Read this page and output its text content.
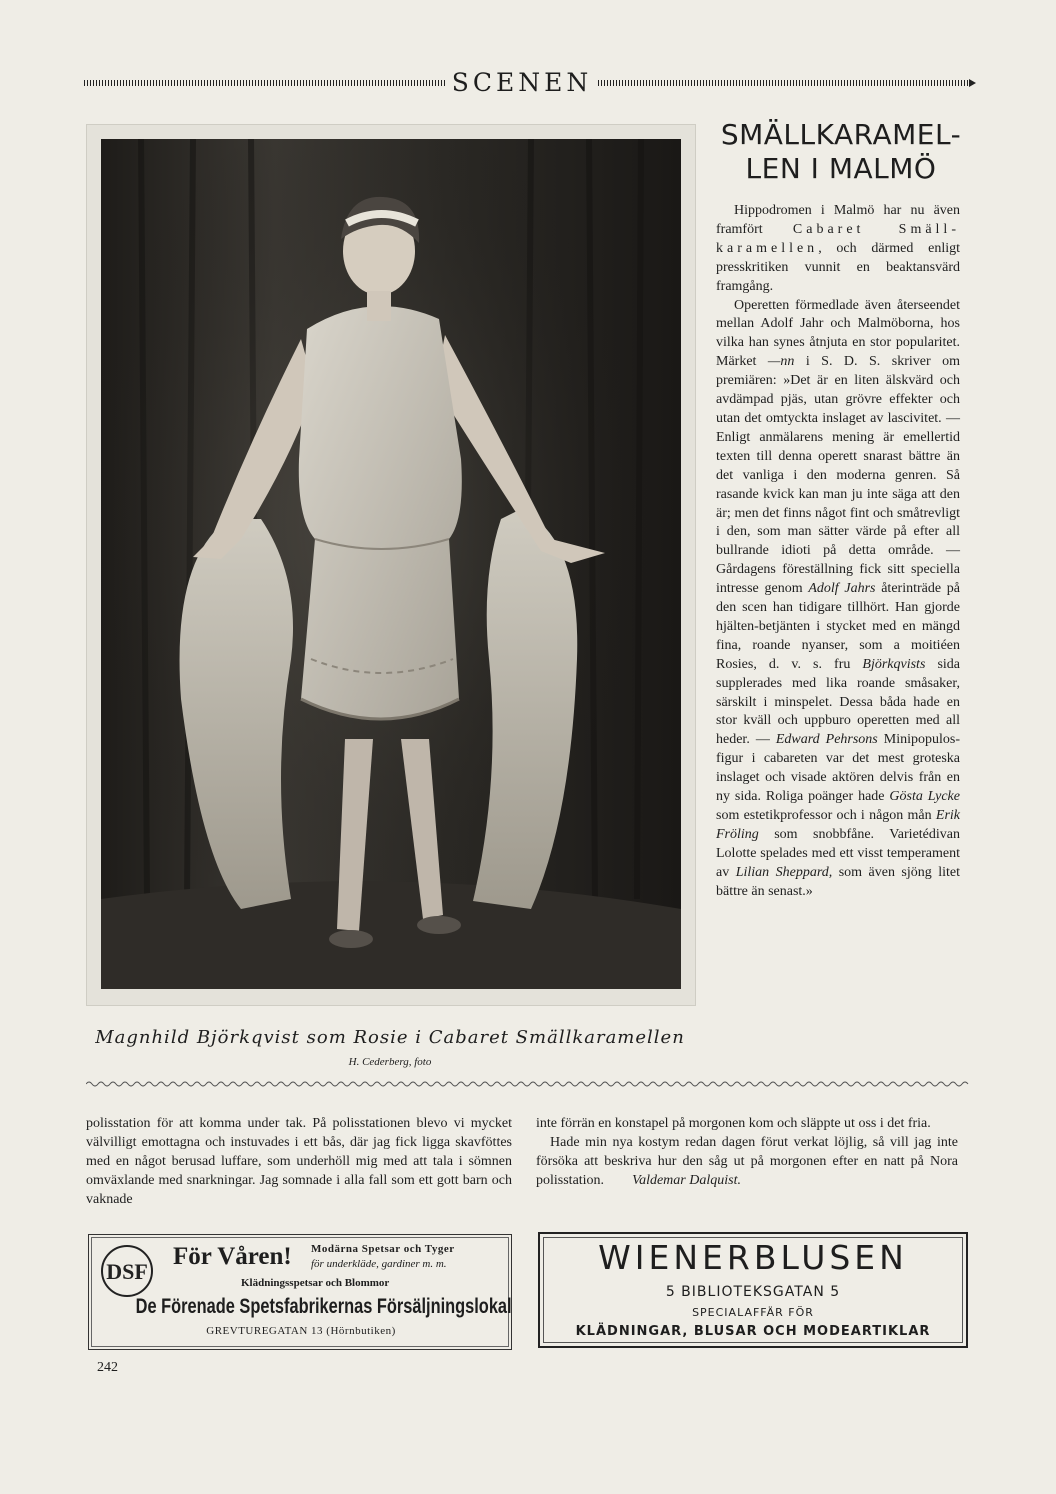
SCENEN
Magnhild Björkqvist som Rosie i Cabaret Smällkaramellen
H. Cederberg, foto
SMÄLLKARAMEL-
LEN I MALMÖ

Hippodromen i Malmö har nu även framfört Cabaret Smäll-karamellen, och därmed enligt presskritiken vunnit en beaktansvärd framgång.

Operetten förmedlade även återseendet mellan Adolf Jahr och Malmöborna, hos vilka han synes åtnjuta en stor popularitet. Märket —nn i S. D. S. skriver om premiären: »Det är en liten älskvärd och avdämpad pjäs, utan grövre effekter och utan det omtyckta inslaget av lascivitet. — Enligt anmälarens mening är emellertid texten till denna operett snarast bättre än det vanliga i den moderna genren. Så rasande kvick kan man ju inte säga att den är; men det finns något fint och småtrevligt i den, som man sätter värde på efter all bullrande idioti på detta område. — Gårdagens föreställning fick sitt speciella intresse genom Adolf Jahrs återinträde på den scen han tidigare tillhört. Han gjorde hjälten-betjänten i stycket med en mängd fina, roande nyanser, som a moitiéen Rosies, d. v. s. fru Björkqvists sida supplerades med lika roande småsaker, särskilt i minspelet. Dessa båda hade en stor kväll och uppburo operetten med all heder. — Edward Pehrsons Minipopulos-figur i cabareten var det mest groteska inslaget och visade aktören delvis från en ny sida. Roliga poänger hade Gösta Lycke som estetikprofessor och i någon mån Erik Fröling som snobbfåne. Varietédivan Lolotte spelades med ett visst temperament av Lilian Sheppard, som även sjöng litet bättre än senast.»

polisstation för att komma under tak. På polisstationen blevo vi mycket välvilligt emottagna och instuvades i ett bås, där jag fick ligga skavföttes med en något berusad luffare, som underhöll mig med att tala i sömnen omväxlande med snarkningar. Jag somnade i alla fall som ett gott barn och vaknade

inte förrän en konstapel på morgonen kom och släppte ut oss i det fria.

Hade min nya kostym redan dagen förut verkat löjlig, så vill jag inte försöka att beskriva hur den såg ut på morgonen efter en natt på Nora polisstation. Valdemar Dalquist.

DSF
För Våren! Modärna Spetsar och Tyger
för underkläde, gardiner m. m.
Klädningsspetsar och Blommor
De Förenade Spetsfabrikernas Försäljningslokal
GREVTUREGATAN 13 (Hörnbutiken)
WIENERBLUSEN
5 BIBLIOTEKSGATAN 5
SPECIALAFFÄR FÖR
KLÄDNINGAR, BLUSAR OCH MODEARTIKLAR
242
